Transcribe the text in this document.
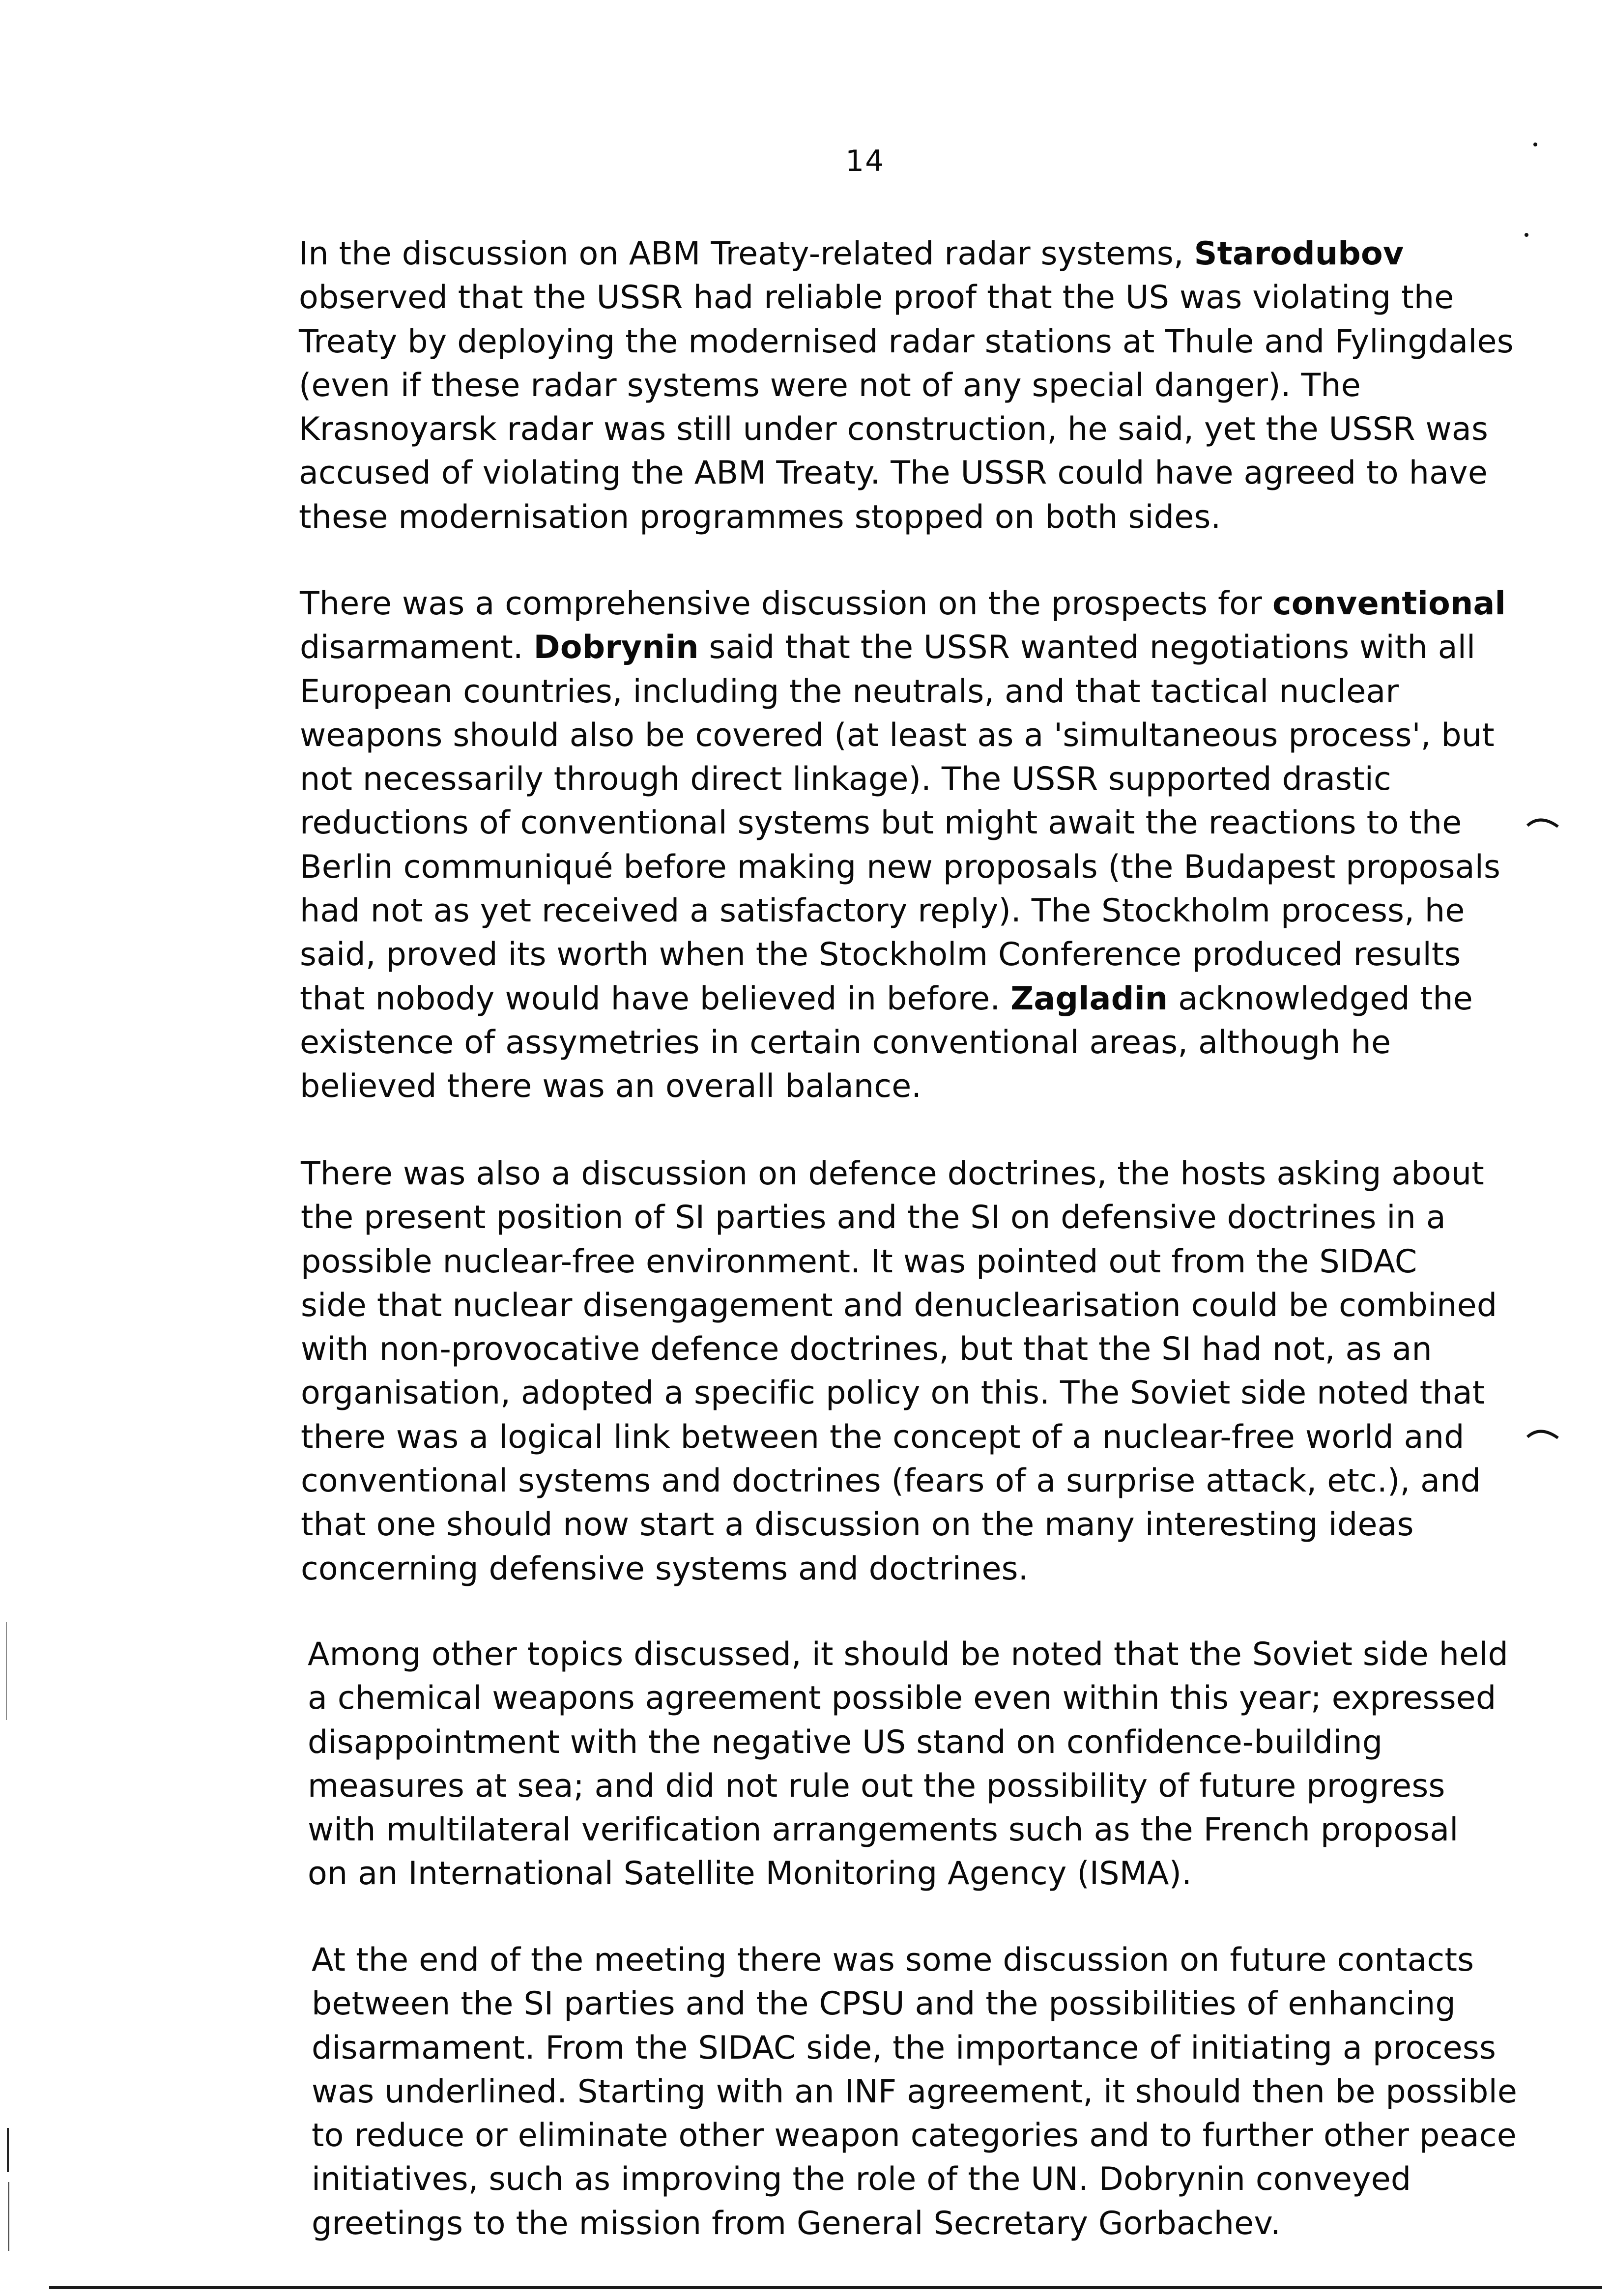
14

In the discussion on ABM Treaty-related radar systems, Starodubov
observed that the USSR had reliable proof that the US was violating the
Treaty by deploying the modernised radar stations at Thule and Fylingdales
(even if these radar systems were not of any special danger). The
Krasnoyarsk radar was still under construction, he said, yet the USSR was
accused of violating the ABM Treaty. The USSR could have agreed to have
these modernisation programmes stopped on both sides.

There was a comprehensive discussion on the prospects for conventional
disarmament. Dobrynin said that the USSR wanted negotiations with all
European countries, including the neutrals, and that tactical nuclear
weapons should also be covered (at least as a 'simultaneous process', but
not necessarily through direct linkage). The USSR supported drastic
reductions of conventional systems but might await the reactions to the
Berlin communiqué before making new proposals (the Budapest proposals
had not as yet received a satisfactory reply). The Stockholm process, he
said, proved its worth when the Stockholm Conference produced results
that nobody would have believed in before. Zagladin acknowledged the
existence of assymetries in certain conventional areas, although he
believed there was an overall balance.

There was also a discussion on defence doctrines, the hosts asking about
the present position of SI parties and the SI on defensive doctrines in a
possible nuclear-free environment. It was pointed out from the SIDAC
side that nuclear disengagement and denuclearisation could be combined
with non-provocative defence doctrines, but that the SI had not, as an
organisation, adopted a specific policy on this. The Soviet side noted that
there was a logical link between the concept of a nuclear-free world and
conventional systems and doctrines (fears of a surprise attack, etc.), and
that one should now start a discussion on the many interesting ideas
concerning defensive systems and doctrines.

Among other topics discussed, it should be noted that the Soviet side held
a chemical weapons agreement possible even within this year; expressed
disappointment with the negative US stand on confidence-building
measures at sea; and did not rule out the possibility of future progress
with multilateral verification arrangements such as the French proposal
on an International Satellite Monitoring Agency (ISMA).

At the end of the meeting there was some discussion on future contacts
between the SI parties and the CPSU and the possibilities of enhancing
disarmament. From the SIDAC side, the importance of initiating a process
was underlined. Starting with an INF agreement, it should then be possible
to reduce or eliminate other weapon categories and to further other peace
initiatives, such as improving the role of the UN. Dobrynin conveyed
greetings to the mission from General Secretary Gorbachev.
